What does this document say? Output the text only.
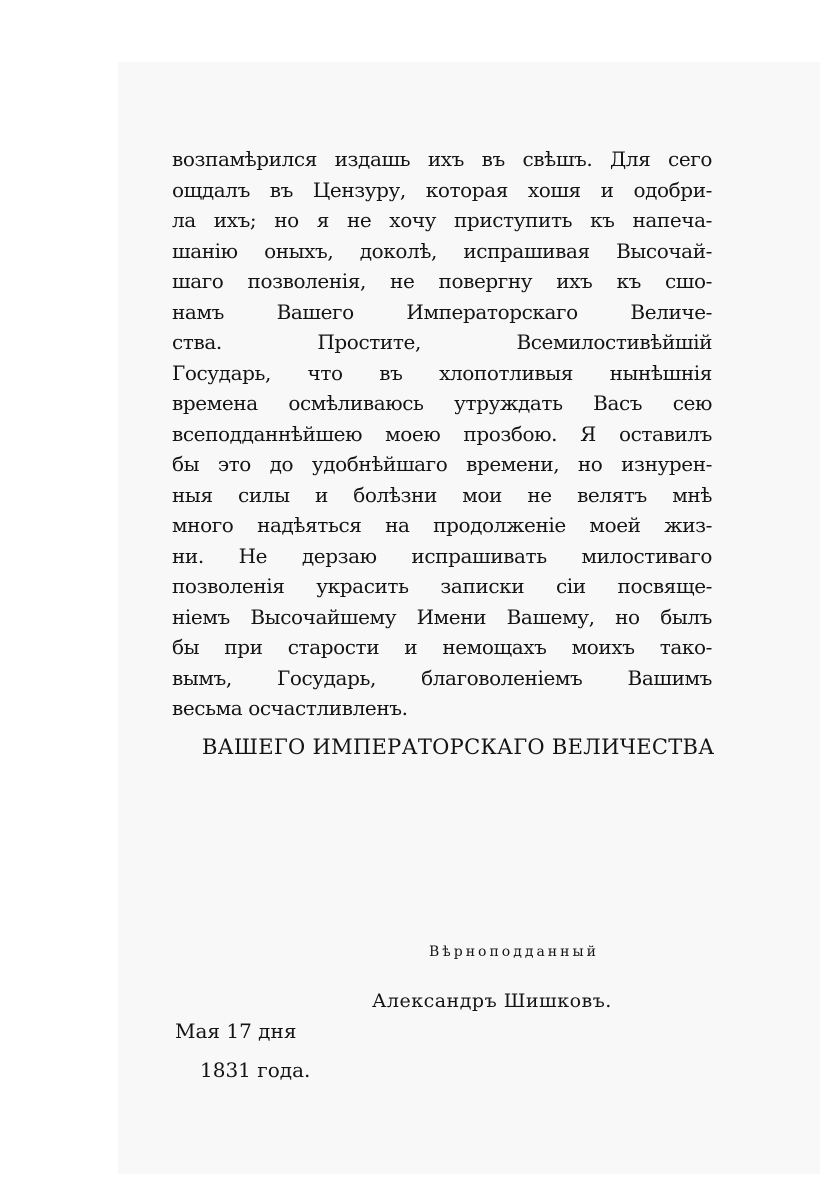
возпамѣрился издашь ихъ въ свѣшъ. Для сего
ощдалъ въ Цензуру, которая хошя и одобри-
ла ихъ; но я не хочу приступить къ напеча-
шанію оныхъ, доколѣ, испрашивая Высочай-
шаго позволенія, не повергну ихъ къ сшо-
намъ Вашего Императорскаго Величе-
ства. Простите, Всемилостивѣйшій
Государь, что въ хлопотливыя нынѣшнія
времена осмѣливаюсь утруждать Васъ сею
всеподданнѣйшею моею прозбою. Я оставилъ
бы это до удобнѣйшаго времени, но изнурен-
ныя силы и болѣзни мои не велятъ мнѣ
много надѣяться на продолженіе моей жиз-
ни. Не дерзаю испрашивать милостиваго
позволенія украсить записки сіи посвяще-
ніемъ Высочайшему Имени Вашему, но былъ
бы при старости и немощахъ моихъ тако-
вымъ, Государь, благоволеніемъ Вашимъ
весьма осчастливленъ.
ВАШЕГО ИМПЕРАТОРСКАГО ВЕЛИЧЕСТВА
Вѣрноподданный
Александръ Шишковъ.
Мая 17 дня
1831 года.
